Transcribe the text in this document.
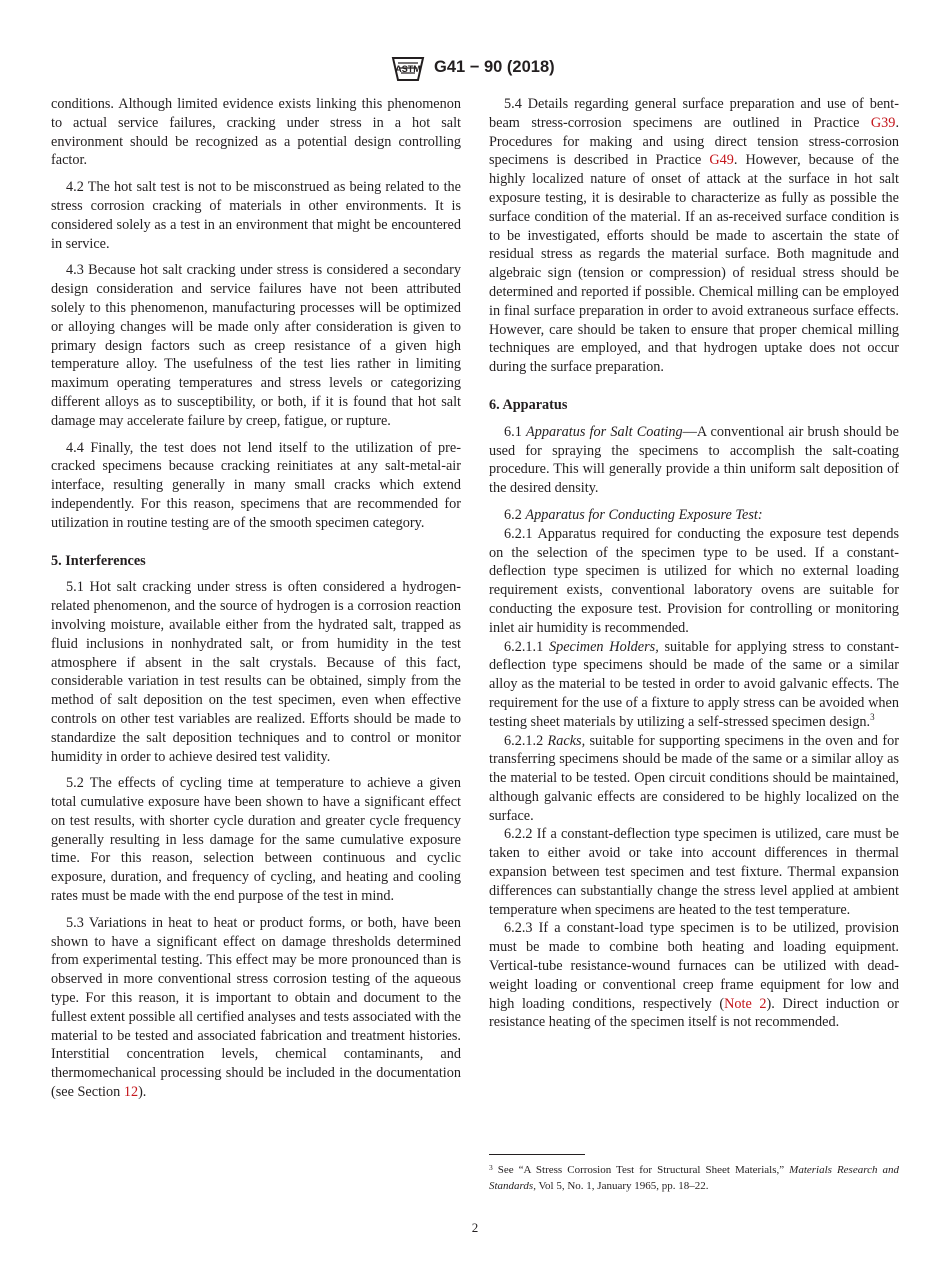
ASTM G41 − 90 (2018)

conditions. Although limited evidence exists linking this phenomenon to actual service failures, cracking under stress in a hot salt environment should be recognized as a potential design controlling factor.

4.2 The hot salt test is not to be misconstrued as being related to the stress corrosion cracking of materials in other environments. It is considered solely as a test in an environment that might be encountered in service.

4.3 Because hot salt cracking under stress is considered a secondary design consideration and service failures have not been attributed solely to this phenomenon, manufacturing processes will be optimized or alloying changes will be made only after consideration is given to primary design factors such as creep resistance of a given high temperature alloy. The usefulness of the test lies rather in limiting maximum operating temperatures and stress levels or categorizing different alloys as to susceptibility, or both, if it is found that hot salt damage may accelerate failure by creep, fatigue, or rupture.

4.4 Finally, the test does not lend itself to the utilization of pre-cracked specimens because cracking reinitiates at any salt-metal-air interface, resulting generally in many small cracks which extend independently. For this reason, specimens that are recommended for utilization in routine testing are of the smooth specimen category.

5. Interferences

5.1 Hot salt cracking under stress is often considered a hydrogen-related phenomenon, and the source of hydrogen is a corrosion reaction involving moisture, available either from the hydrated salt, trapped as fluid inclusions in nonhydrated salt, or from humidity in the test atmosphere if absent in the salt crystals. Because of this fact, considerable variation in test results can be obtained, simply from the method of salt deposition on the test specimen, even when effective controls on other test variables are realized. Efforts should be made to standardize the salt deposition techniques and to control or monitor humidity in order to achieve desired test validity.

5.2 The effects of cycling time at temperature to achieve a given total cumulative exposure have been shown to have a significant effect on test results, with shorter cycle duration and greater cycle frequency generally resulting in less damage for the same cumulative exposure time. For this reason, selection between continuous and cyclic exposure, duration, and frequency of cycling, and heating and cooling rates must be made with the end purpose of the test in mind.

5.3 Variations in heat to heat or product forms, or both, have been shown to have a significant effect on damage thresholds determined from experimental testing. This effect may be more pronounced than is observed in more conventional stress corrosion testing of the aqueous type. For this reason, it is important to obtain and document to the fullest extent possible all certified analyses and tests associated with the material to be tested and associated fabrication and treatment histories. Interstitial concentration levels, chemical contaminants, and thermomechanical processing should be included in the documentation (see Section 12).

5.4 Details regarding general surface preparation and use of bent-beam stress-corrosion specimens are outlined in Practice G39. Procedures for making and using direct tension stress-corrosion specimens is described in Practice G49. However, because of the highly localized nature of onset of attack at the surface in hot salt exposure testing, it is desirable to characterize as fully as possible the surface condition of the material. If an as-received surface condition is to be investigated, efforts should be made to ascertain the state of residual stress as regards the material surface. Both magnitude and algebraic sign (tension or compression) of residual stress should be determined and reported if possible. Chemical milling can be employed in final surface preparation in order to avoid extraneous surface effects. However, care should be taken to ensure that proper chemical milling techniques are employed, and that hydrogen uptake does not occur during the surface preparation.

6. Apparatus

6.1 Apparatus for Salt Coating—A conventional air brush should be used for spraying the specimens to accomplish the salt-coating procedure. This will generally provide a thin uniform salt deposition of the desired density.

6.2 Apparatus for Conducting Exposure Test:

6.2.1 Apparatus required for conducting the exposure test depends on the selection of the specimen type to be used. If a constant-deflection type specimen is utilized for which no external loading requirement exists, conventional laboratory ovens are suitable for conducting the exposure test. Provision for controlling or monitoring inlet air humidity is recommended.

6.2.1.1 Specimen Holders, suitable for applying stress to constant-deflection type specimens should be made of the same or a similar alloy as the material to be tested in order to avoid galvanic effects. The requirement for the use of a fixture to apply stress can be avoided when testing sheet materials by utilizing a self-stressed specimen design.$^3$

6.2.1.2 Racks, suitable for supporting specimens in the oven and for transferring specimens should be made of the same or a similar alloy as the material to be tested. Open circuit conditions should be maintained, although galvanic effects are considered to be highly localized on the surface.

6.2.2 If a constant-deflection type specimen is utilized, care must be taken to either avoid or take into account differences in thermal expansion between test specimen and test fixture. Thermal expansion differences can substantially change the stress level applied at ambient temperature when specimens are heated to the test temperature.

6.2.3 If a constant-load type specimen is to be utilized, provision must be made to combine both heating and loading equipment. Vertical-tube resistance-wound furnaces can be utilized with dead-weight loading or conventional creep frame equipment for low and high loading conditions, respectively (Note 2). Direct induction or resistance heating of the specimen itself is not recommended.

$^3$ See “A Stress Corrosion Test for Structural Sheet Materials,” Materials Research and Standards, Vol 5, No. 1, January 1965, pp. 18–22.
2
